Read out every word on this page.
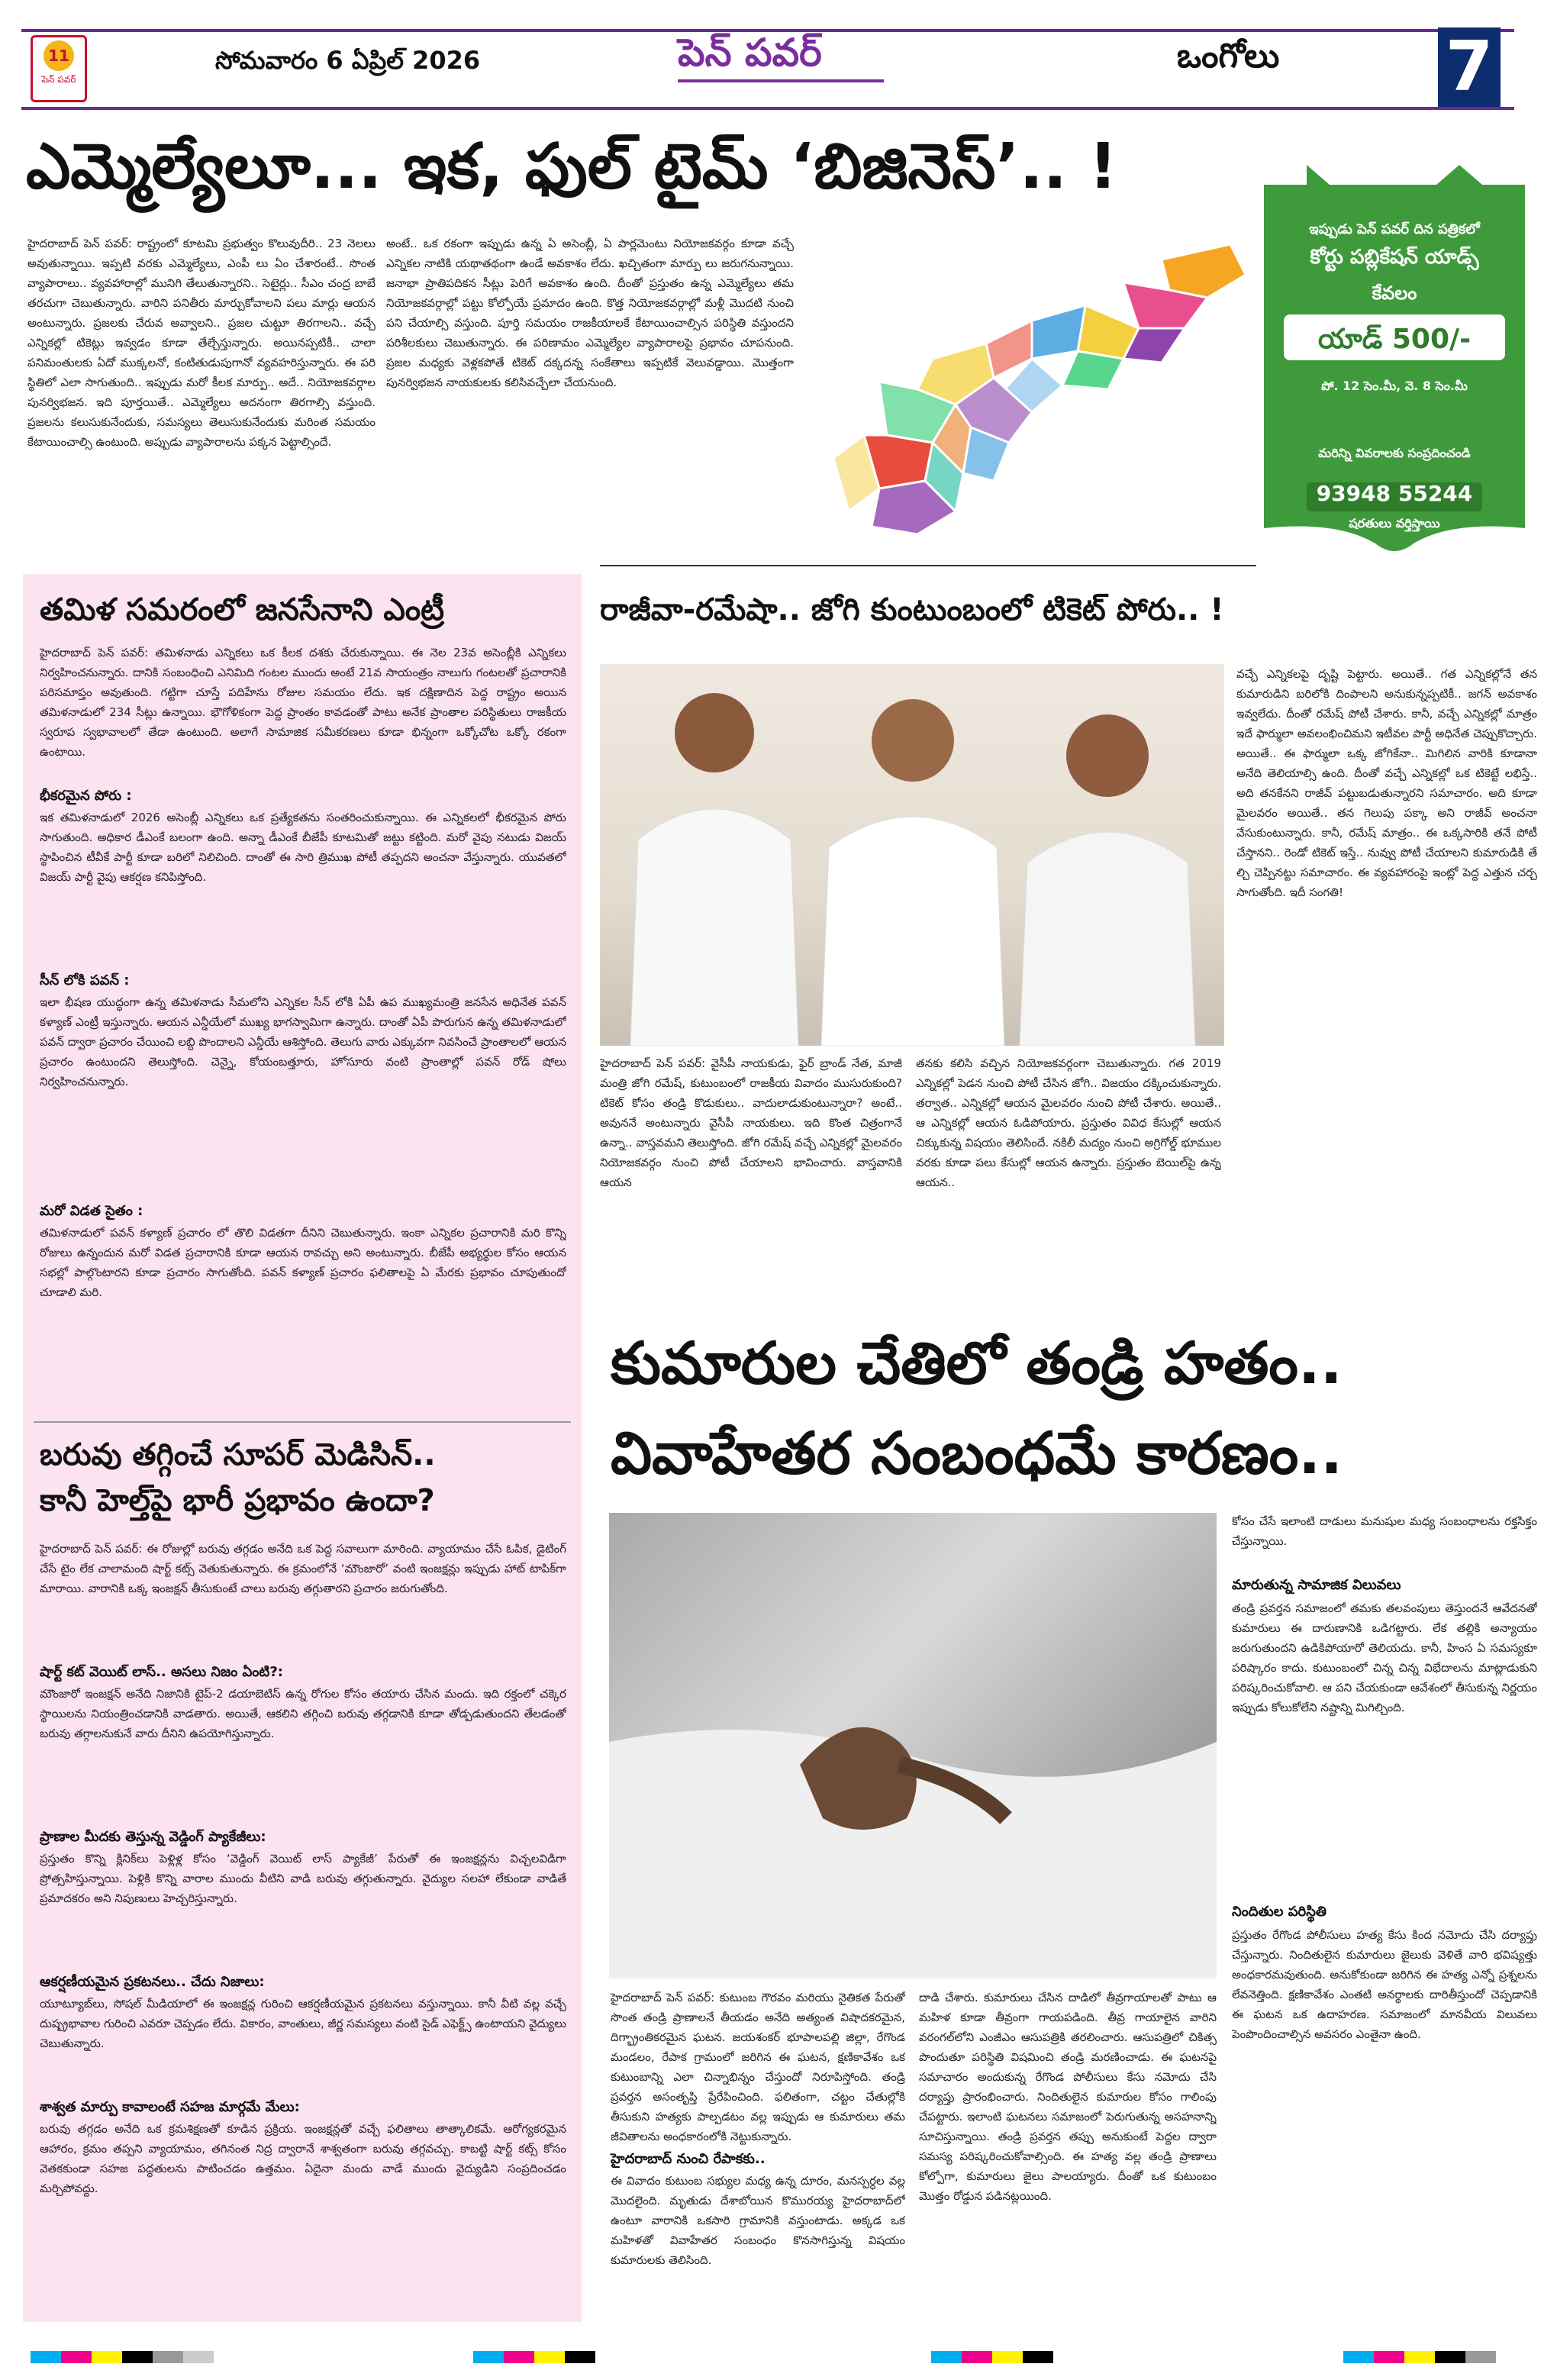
11
పెన్ పవర్
సోమవారం 6 ఏప్రిల్ 2026	పెన్ పవర్	ఒంగోలు 7
ఎమ్మెల్యేలూ... ఇక, ఫుల్ టైమ్ ‘బిజినెస్’.. !
హైదరాబాద్ పెన్ పవర్: రాష్ట్రంలో కూటమి ప్రభుత్వం కొలువుదీరి.. 23 నెలలు అవుతున్నాయి. ఇప్పటి వరకు ఎమ్మెల్యేలు, ఎంపీ లు ఏం చేశారంటే.. సొంత వ్యాపారాలు.. వ్యవహారాల్లో మునిగి తేలుతున్నారని.. సెటైర్లు.. సీఎం చంద్ర బాబే తరచుగా చెబుతున్నారు. వారిని పనితీరు మార్చుకోవాలని పలు మార్లు ఆయన అంటున్నారు. ప్రజలకు చేరువ అవ్వాలని.. ప్రజల చుట్టూ తిరగాలని.. వచ్చే ఎన్నికల్లో టికెట్లు ఇవ్వడం కూడా తేల్చేస్తున్నారు. అయినప్పటికీ.. చాలా పనిమంతులకు ఏదో ముక్కలనో, కంటితుడుపుగానో వ్యవహరిస్తున్నారు. ఈ పరి స్థితిలో ఎలా సాగుతుంది.. ఇప్పుడు మరో కీలక మార్పు.. అదే.. నియోజకవర్గాల పునర్విభజన. ఇది పూర్తయితే.. ఎమ్మెల్యేలు అదనంగా తిరగాల్సి వస్తుంది. ప్రజలను కలుసుకునేందుకు, సమస్యలు తెలుసుకునేందుకు మరింత సమయం కేటాయించాల్సి ఉంటుంది. అప్పుడు వ్యాపారాలను పక్కన పెట్టాల్సిందే.
అంటే.. ఒక రకంగా ఇప్పుడు ఉన్న ఏ అసెంబ్లీ, ఏ పార్లమెంటు నియోజకవర్గం కూడా వచ్చే ఎన్నికల నాటికి యథాతథంగా ఉండే అవకాశం లేదు. ఖచ్చితంగా మార్పు లు జరుగనున్నాయి. జనాభా ప్రాతిపదికన సీట్లు పెరిగే అవకాశం ఉంది. దీంతో ప్రస్తుతం ఉన్న ఎమ్మెల్యేలు తమ నియోజకవర్గాల్లో పట్టు కోల్పోయే ప్రమాదం ఉంది. కొత్త నియోజకవర్గాల్లో మళ్లీ మొదటి నుంచి పని చేయాల్సి వస్తుంది. పూర్తి సమయం రాజకీయాలకే కేటాయించాల్సిన పరిస్థితి వస్తుందని పరిశీలకులు చెబుతున్నారు. ఈ పరిణామం ఎమ్మెల్యేల వ్యాపారాలపై ప్రభావం చూపనుంది. ప్రజల మధ్యకు వెళ్లకపోతే టికెట్ దక్కదన్న సంకేతాలు ఇప్పటికే వెలువడ్డాయి. మొత్తంగా పునర్విభజన నాయకులకు కలిసివచ్చేలా చేయనుంది.
03
ఇప్పుడు పెన్ పవర్ దిన పత్రికలో
కోర్టు పబ్లికేషన్ యాడ్స్
కేవలం
యాడ్ 500/-
పో. 12 సెం.మీ, వె. 8 సెం.మీ
మరిన్ని వివరాలకు సంప్రదించండి
93948 55244
షరతులు వర్తిస్తాయి
తమిళ సమరంలో జనసేనాని ఎంట్రీ
హైదరాబాద్ పెన్ పవర్: తమిళనాడు ఎన్నికలు ఒక కీలక దశకు చేరుకున్నాయి. ఈ నెల 23వ అసెంబ్లీకి ఎన్నికలు నిర్వహించనున్నారు. దానికి సంబంధించి ఎనిమిది గంటల ముందు అంటే 21వ సాయంత్రం నాలుగు గంటలతో ప్రచారానికి పరిసమాప్తం అవుతుంది. గట్టిగా చూస్తే పదిహేను రోజుల సమయం లేదు. ఇక దక్షిణాదిన పెద్ద రాష్ట్రం అయిన తమిళనాడులో 234 సీట్లు ఉన్నాయి. భౌగోళికంగా పెద్ద ప్రాంతం కావడంతో పాటు అనేక ప్రాంతాల పరిస్థితులు రాజకీయ స్వరూప స్వభావాలలో తేడా ఉంటుంది. అలాగే సామాజిక సమీకరణలు కూడా భిన్నంగా ఒక్కోచోట ఒక్కో రకంగా ఉంటాయి.
భీకరమైన పోరు :
ఇక తమిళనాడులో 2026 అసెంబ్లీ ఎన్నికలు ఒక ప్రత్యేకతను సంతరించుకున్నాయి. ఈ ఎన్నికలలో భీకరమైన పోరు సాగుతుంది. అధికార డీఎంకే బలంగా ఉంది. అన్నా డీఎంకే బీజేపీ కూటమితో జట్టు కట్టింది. మరో వైపు నటుడు విజయ్ స్థాపించిన టీవీకే పార్టీ కూడా బరిలో నిలిచింది. దాంతో ఈ సారి త్రిముఖ పోటీ తప్పదని అంచనా వేస్తున్నారు. యువతలో విజయ్ పార్టీ వైపు ఆకర్షణ కనిపిస్తోంది.
సీన్ లోకి పవన్ :
ఇలా భీషణ యుద్ధంగా ఉన్న తమిళనాడు సీమలోని ఎన్నికల సీన్ లోకి ఏపీ ఉప ముఖ్యమంత్రి జనసేన అధినేత పవన్ కళ్యాణ్ ఎంట్రీ ఇస్తున్నారు. ఆయన ఎన్డీయేలో ముఖ్య భాగస్వామిగా ఉన్నారు. దాంతో ఏపీ పొరుగున ఉన్న తమిళనాడులో పవన్ ద్వారా ప్రచారం చేయించి లబ్ది పొందాలని ఎన్డీయే ఆశిస్తోంది. తెలుగు వారు ఎక్కువగా నివసించే ప్రాంతాలలో ఆయన ప్రచారం ఉంటుందని తెలుస్తోంది. చెన్నై, కోయంబత్తూరు, హోసూరు వంటి ప్రాంతాల్లో పవన్ రోడ్ షోలు నిర్వహించనున్నారు.
మరో విడత సైతం :
తమిళనాడులో పవన్ కళ్యాణ్ ప్రచారం లో తొలి విడతగా దీనిని చెబుతున్నారు. ఇంకా ఎన్నికల ప్రచారానికి మరి కొన్ని రోజులు ఉన్నందున మరో విడత ప్రచారానికి కూడా ఆయన రావచ్చు అని అంటున్నారు. బీజేపీ అభ్యర్థుల కోసం ఆయన సభల్లో పాల్గొంటారని కూడా ప్రచారం సాగుతోంది. పవన్ కళ్యాణ్ ప్రచారం ఫలితాలపై ఏ మేరకు ప్రభావం చూపుతుందో చూడాలి మరి.
బరువు తగ్గించే సూపర్ మెడిసిన్..
కానీ హెల్త్‌పై భారీ ప్రభావం ఉందా?
హైదరాబాద్ పెన్ పవర్: ఈ రోజుల్లో బరువు తగ్గడం అనేది ఒక పెద్ద సవాలుగా మారింది. వ్యాయామం చేసే ఓపిక, డైటింగ్ చేసే టైం లేక చాలామంది షార్ట్ కట్స్ వెతుకుతున్నారు. ఈ క్రమంలోనే ‘మౌంజారో’ వంటి ఇంజక్షన్లు ఇప్పుడు హాట్ టాపిక్‌గా మారాయి. వారానికి ఒక్క ఇంజక్షన్ తీసుకుంటే చాలు బరువు తగ్గుతారని ప్రచారం జరుగుతోంది.
షార్ట్ కట్ వెయిట్ లాస్.. అసలు నిజం ఏంటి?:
మౌంజారో ఇంజక్షన్ అనేది నిజానికి టైప్-2 డయాబెటిస్ ఉన్న రోగుల కోసం తయారు చేసిన మందు. ఇది రక్తంలో చక్కెర స్థాయిలను నియంత్రించడానికి వాడతారు. అయితే, ఆకలిని తగ్గించి బరువు తగ్గడానికి కూడా తోడ్పడుతుందని తేలడంతో బరువు తగ్గాలనుకునే వారు దీనిని ఉపయోగిస్తున్నారు.
ప్రాణాల మీదకు తెస్తున్న వెడ్డింగ్ ప్యాకేజీలు:
ప్రస్తుతం కొన్ని క్లినిక్‌లు పెళ్లిళ్ల కోసం ‘వెడ్డింగ్ వెయిట్ లాస్ ప్యాకేజీ’ పేరుతో ఈ ఇంజక్షన్లను విచ్చలవిడిగా ప్రోత్సహిస్తున్నాయి. పెళ్లికి కొన్ని వారాల ముందు వీటిని వాడి బరువు తగ్గుతున్నారు. వైద్యుల సలహా లేకుండా వాడితే ప్రమాదకరం అని నిపుణులు హెచ్చరిస్తున్నారు.
ఆకర్షణీయమైన ప్రకటనలు.. చేదు నిజాలు:
యూట్యూబ్‌లు, సోషల్ మీడియాలో ఈ ఇంజక్షన్ల గురించి ఆకర్షణీయమైన ప్రకటనలు వస్తున్నాయి. కానీ వీటి వల్ల వచ్చే దుష్ప్రభావాల గురించి ఎవరూ చెప్పడం లేదు. వికారం, వాంతులు, జీర్ణ సమస్యలు వంటి సైడ్ ఎఫెక్ట్స్ ఉంటాయని వైద్యులు చెబుతున్నారు.
శాశ్వత మార్పు కావాలంటే సహజ మార్గమే మేలు:
బరువు తగ్గడం అనేది ఒక క్రమశిక్షణతో కూడిన ప్రక్రియ. ఇంజక్షన్లతో వచ్చే ఫలితాలు తాత్కాలికమే. ఆరోగ్యకరమైన ఆహారం, క్రమం తప్పని వ్యాయామం, తగినంత నిద్ర ద్వారానే శాశ్వతంగా బరువు తగ్గవచ్చు. కాబట్టి షార్ట్ కట్స్ కోసం వెతకకుండా సహజ పద్ధతులను పాటించడం ఉత్తమం. ఏదైనా మందు వాడే ముందు వైద్యుడిని సంప్రదించడం మర్చిపోవద్దు.
రాజీవా-రమేషా.. జోగి కుంటుంబంలో టికెట్ పోరు.. !
హైదరాబాద్ పెన్ పవర్: వైసీపీ నాయకుడు, ఫైర్ బ్రాండ్ నేత, మాజీ మంత్రి జోగి రమేష్, కుటుంబంలో రాజకీయ వివాదం ముసురుకుంది? టికెట్ కోసం తండ్రి కొడుకులు.. వాదులాడుకుంటున్నారా? అంటే.. అవుననే అంటున్నారు వైసీపీ నాయకులు. ఇది కొంత చిత్రంగానే ఉన్నా.. వాస్తవమని తెలుస్తోంది. జోగి రమేష్ వచ్చే ఎన్నికల్లో మైలవరం నియోజకవర్గం నుంచి పోటీ చేయాలని భావించారు. వాస్తవానికి ఆయన
తనకు కలిసి వచ్చిన నియోజకవర్గంగా చెబుతున్నారు. గత 2019 ఎన్నికల్లో పెడన నుంచి పోటీ చేసిన జోగి.. విజయం దక్కించుకున్నారు. తర్వాత.. ఎన్నికల్లో ఆయన మైలవరం నుంచి పోటీ చేశారు. అయితే.. ఆ ఎన్నికల్లో ఆయన ఓడిపోయారు. ప్రస్తుతం వివిధ కేసుల్లో ఆయన చిక్కుకున్న విషయం తెలిసిందే. నకిలీ మద్యం నుంచి అగ్రిగోల్డ్ భూముల వరకు కూడా పలు కేసుల్లో ఆయన ఉన్నారు. ప్రస్తుతం బెయిల్‌పై ఉన్న ఆయన..
వచ్చే ఎన్నికలపై దృష్టి పెట్టారు. అయితే.. గత ఎన్నికల్లోనే తన కుమారుడిని బరిలోకి దింపాలని అనుకున్నప్పటికీ.. జగన్ అవకాశం ఇవ్వలేదు. దీంతో రమేష్ పోటీ చేశారు. కానీ, వచ్చే ఎన్నికల్లో మాత్రం ఇదే ఫార్ములా అవలంభించిమని ఇటీవల పార్టీ అధినేత చెప్పుకొచ్చారు. అయితే.. ఈ ఫార్ములా ఒక్క జోగికేనా.. మిగిలిన వారికి కూడానా అనేది తెలియాల్సి ఉంది. దీంతో వచ్చే ఎన్నికల్లో ఒక టికెట్టే లభిస్తే.. అది తనకేనని రాజీవ్ పట్టుబడుతున్నారని సమాచారం. అది కూడా మైలవరం అయితే.. తన గెలుపు పక్కా అని రాజీవ్ అంచనా వేసుకుంటున్నారు. కానీ, రమేష్ మాత్రం.. ఈ ఒక్కసారికి తనే పోటీ చేస్తానని.. రెండో టికెట్ ఇస్తే.. నువ్వు పోటీ చేయాలని కుమారుడికి తే ల్చి చెప్పినట్టు సమాచారం. ఈ వ్యవహారంపై ఇంట్లో పెద్ద ఎత్తున చర్చ సాగుతోంది. ఇదీ సంగతి!
కుమారుల చేతిలో తండ్రి హతం..
వివాహేతర సంబంధమే కారణం..
హైదరాబాద్ పెన్ పవర్: కుటుంబ గౌరవం మరియు నైతికత పేరుతో సొంత తండ్రి ప్రాణాలనే తీయడం అనేది అత్యంత విషాదకరమైన, దిగ్భ్రాంతికరమైన ఘటన. జయశంకర్ భూపాలపల్లి జిల్లా, రేగొండ మండలం, రేపాక గ్రామంలో జరిగిన ఈ ఘటన, క్షణికావేశం ఒక కుటుంబాన్ని ఎలా చిన్నాభిన్నం చేస్తుందో నిరూపిస్తోంది. తండ్రి ప్రవర్తన అసంతృప్తి ప్రేరేపించింది. ఫలితంగా, చట్టం చేతుల్లోకి తీసుకుని హత్యకు పాల్పడటం వల్ల ఇప్పుడు ఆ కుమారులు తమ జీవితాలను అంధకారంలోకి నెట్టుకున్నారు.
హైదరాబాద్ నుంచి రేపాకకు..
ఈ వివాదం కుటుంబ సభ్యుల మధ్య ఉన్న దూరం, మనస్పర్ధల వల్ల మొదలైంది. మృతుడు దేశాబోయిన కొమురయ్య హైదరాబాద్‌లో ఉంటూ వారానికి ఒకసారి గ్రామానికి వస్తుంటాడు. అక్కడ ఒక మహిళతో వివాహేతర సంబంధం కొనసాగిస్తున్న విషయం కుమారులకు తెలిసింది.
దాడి చేశారు. కుమారులు చేసిన దాడిలో తీవ్రగాయాలతో పాటు ఆ మహిళ కూడా తీవ్రంగా గాయపడింది. తీవ్ర గాయాలైన వారిని వరంగల్‌లోని ఎంజీఎం ఆసుపత్రికి తరలించారు. ఆసుపత్రిలో చికిత్స పొందుతూ పరిస్థితి విషమించి తండ్రి మరణించాడు. ఈ ఘటనపై సమాచారం అందుకున్న రేగొండ పోలీసులు కేసు నమోదు చేసి దర్యాప్తు ప్రారంభించారు. నిందితులైన కుమారుల కోసం గాలింపు చేపట్టారు. ఇలాంటి ఘటనలు సమాజంలో పెరుగుతున్న అసహనాన్ని సూచిస్తున్నాయి. తండ్రి ప్రవర్తన తప్పు అనుకుంటే పెద్దల ద్వారా సమస్య పరిష్కరించుకోవాల్సింది. ఈ హత్య వల్ల తండ్రి ప్రాణాలు కోల్పోగా, కుమారులు జైలు పాలయ్యారు. దీంతో ఒక కుటుంబం మొత్తం రోడ్డున పడినట్లయింది.
కోసం చేసే ఇలాంటి దాడులు మనుషుల మధ్య సంబంధాలను రక్తసిక్తం చేస్తున్నాయి.
మారుతున్న సామాజిక విలువలు
తండ్రి ప్రవర్తన సమాజంలో తమకు తలవంపులు తెస్తుందనే ఆవేదనతో కుమారులు ఈ దారుణానికి ఒడిగట్టారు. లేక తల్లికి అన్యాయం జరుగుతుందని ఉడికిపోయారో తెలియదు. కానీ, హింస ఏ సమస్యకూ పరిష్కారం కాదు. కుటుంబంలో చిన్న చిన్న విభేదాలను మాట్లాడుకుని పరిష్కరించుకోవాలి. ఆ పని చేయకుండా ఆవేశంలో తీసుకున్న నిర్ణయం ఇప్పుడు కోలుకోలేని నష్టాన్ని మిగిల్చింది.
నిందితుల పరిస్థితి
ప్రస్తుతం రేగొండ పోలీసులు హత్య కేసు కింద నమోదు చేసి దర్యాప్తు చేస్తున్నారు. నిందితులైన కుమారులు జైలుకు వెళితే వారి భవిష్యత్తు అంధకారమవుతుంది. అనుకోకుండా జరిగిన ఈ హత్య ఎన్నో ప్రశ్నలను లేవనెత్తింది. క్షణికావేశం ఎంతటి అనర్థాలకు దారితీస్తుందో చెప్పడానికి ఈ ఘటన ఒక ఉదాహరణ. సమాజంలో మానవీయ విలువలు పెంపొందించాల్సిన అవసరం ఎంతైనా ఉంది.
